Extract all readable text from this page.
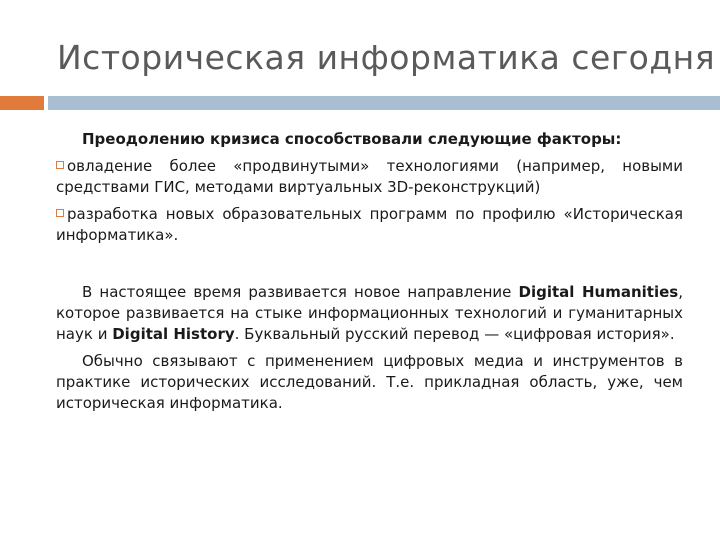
Историческая информатика сегодня

Преодолению кризиса способствовали следующие факторы:

овладение более «продвинутыми» технологиями (например, новыми средствами ГИС, методами виртуальных 3D-реконструкций)

разработка новых образовательных программ по профилю «Историческая информатика».

В настоящее время развивается новое направление Digital Humanities, которое развивается на стыке информационных технологий и гуманитарных наук и Digital History. Буквальный русский перевод — «цифровая история».

Обычно связывают с применением цифровых медиа и инструментов в практике исторических исследований. Т.е. прикладная область, уже, чем историческая информатика.
